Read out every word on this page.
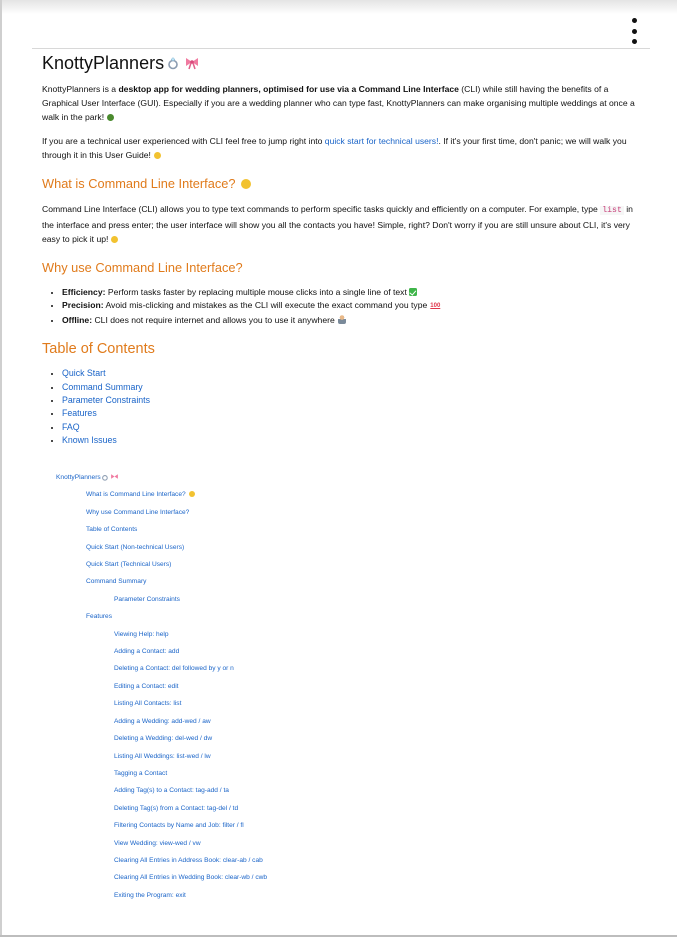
KnottyPlanners

KnottyPlanners is a desktop app for wedding planners, optimised for use via a Command Line Interface (CLI) while still having the benefits of a Graphical User Interface (GUI). Especially if you are a wedding planner who can type fast, KnottyPlanners can make organising multiple weddings at once a walk in the park!

If you are a technical user experienced with CLI feel free to jump right into quick start for technical users!. If it's your first time, don't panic; we will walk you through it in this User Guide!

What is Command Line Interface?

Command Line Interface (CLI) allows you to type text commands to perform specific tasks quickly and efficiently on a computer. For example, type list in the interface and press enter; the user interface will show you all the contacts you have! Simple, right? Don't worry if you are still unsure about CLI, it's very easy to pick it up!

Why use Command Line Interface?
• Efficiency: Perform tasks faster by replacing multiple mouse clicks into a single line of text
• Precision: Avoid mis-clicking and mistakes as the CLI will execute the exact command you type 100
• Offline: CLI does not require internet and allows you to use it anywhere
Table of Contents
• Quick Start
• Command Summary
• Parameter Constraints
• Features
• FAQ
• Known Issues
KnottyPlanners
What is Command Line Interface?
Why use Command Line Interface?
Table of Contents
Quick Start (Non-technical Users)
Quick Start (Technical Users)
Command Summary
Parameter Constraints
Features
Viewing Help: help
Adding a Contact: add
Deleting a Contact: del followed by y or n
Editing a Contact: edit
Listing All Contacts: list
Adding a Wedding: add-wed / aw
Deleting a Wedding: del-wed / dw
Listing All Weddings: list-wed / lw
Tagging a Contact
Adding Tag(s) to a Contact: tag-add / ta
Deleting Tag(s) from a Contact: tag-del / td
Filtering Contacts by Name and Job: filter / fl
View Wedding: view-wed / vw
Clearing All Entries in Address Book: clear-ab / cab
Clearing All Entries in Wedding Book: clear-wb / cwb
Exiting the Program: exit
